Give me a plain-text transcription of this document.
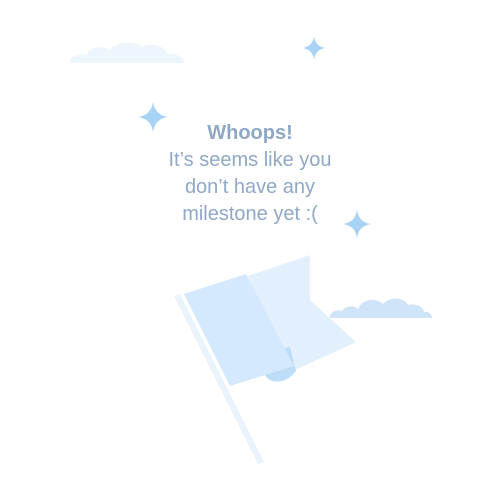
Whoops!
It’s seems like you
don’t have any
milestone yet :(
